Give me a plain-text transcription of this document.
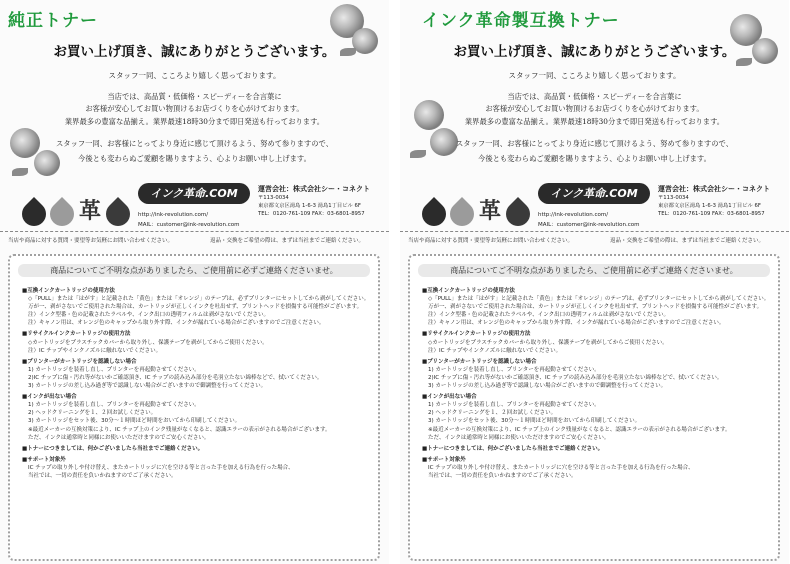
純正トナー
お買い上げ頂き、誠にありがとうございます。
スタッフ一同、こころより嬉しく思っております。
当店では、高品質・低価格・スピーディーを合言葉に
お客様が安心してお買い物頂けるお店づくりを心がけております。
業界最多の豊富な品揃え。業界最速18時30分まで即日発送も行っております。
スタッフ一同、お客様にとってより身近に感じて頂けるよう、努めて参りますので、
今後とも変わらぬご愛顧を賜りますよう、心よりお願い申し上げます。
インク革命.COM
革
運営会社：株式会社シー・コネクト
〒113-0034
東京都文京区湯島 1-6-3 湯島1丁目ビル 6F
TEL：0120-761-109 FAX：03-6801-8957
http://ink-revolution.com/
MAIL：customer@ink-revolution.com
当店や商品に対する質問・要望等お気軽にお問い合わせください。	返品・交換をご希望の際は、まずは当社までご連絡ください。
商品についてご不明な点がありましたら、ご使用前に必ずご連絡くださいませ。
■互換インクカートリッジの使用方法
◇「PULL」または「はがす」と記載された「黄色」または「オレンジ」のテープは、必ずプリンターにセットしてから剥がしてください。
万が一、剥がさないでご使用された場合は、カートリッジが正しくインクを吐出せず、プリントヘッドを損傷する可能性がございます。
注）インク型番・色の記載されたラベルや、インク出口の透明フィルムは剥がさないでください。
注）キャノン用は、オレンジ色のキャップから取り外す際、インクが漏れている場合がございますのでご注意ください。
■リサイクルインクカートリッジの使用方法
◇カートリッジをプラスチックカバーから取り外し、保護テープを剥がしてからご使用ください。
注）IC チップやインクノズルに触れないでください。
■プリンターがカートリッジを認識しない場合
1) カートリッジを装着し直し、プリンターを再起動させてください。
2)IC チップに傷・汚れ等がないかご確認頂き、IC チップの読み込み部分を毛羽立たない綿棒などで、拭いてください。
3) カートリッジの差し込み過ぎ等で認識しない場合がございますので御調整を行ってください。
■インクが出ない場合
1) カートリッジを装着し直し、プリンターを再起動させてください。
2) ヘッドクリーニングを１、２回お試しください。
3) カートリッジをセット後、30分〜１時間ほど時間をおいてから印刷してください。
※最近メーカーの互換対策により、IC チップ上のインク残量がなくなると、認識エラーの表示がされる場合がございます。
ただ、インクは通常時と同様にお使いいただけますのでご安心ください。
■トナーにつきましては、何かございましたら当社までご連絡ください。
■サポート対象外
IC チップの取り外しや付け替え、またカートリッジに穴を空ける等と言った手を加える行為を行った場合、
当社では、一切の責任を負いかねますのでご了承ください。
インク革命製互換トナー
お買い上げ頂き、誠にありがとうございます。
スタッフ一同、こころより嬉しく思っております。
当店では、高品質・低価格・スピーディーを合言葉に
お客様が安心してお買い物頂けるお店づくりを心がけております。
業界最多の豊富な品揃え。業界最速18時30分まで即日発送も行っております。
スタッフ一同、お客様にとってより身近に感じて頂けるよう、努めて参りますので、
今後とも変わらぬご愛顧を賜りますよう、心よりお願い申し上げます。
インク革命.COM
革
運営会社：株式会社シー・コネクト
〒113-0034
東京都文京区湯島 1-6-3 湯島1丁目ビル 6F
TEL：0120-761-109 FAX：03-6801-8957
http://ink-revolution.com/
MAIL：customer@ink-revolution.com
当店や商品に対する質問・要望等お気軽にお問い合わせください。	返品・交換をご希望の際は、まずは当社までご連絡ください。
商品についてご不明な点がありましたら、ご使用前に必ずご連絡くださいませ。
■互換インクカートリッジの使用方法
◇「PULL」または「はがす」と記載された「黄色」または「オレンジ」のテープは、必ずプリンターにセットしてから剥がしてください。
万が一、剥がさないでご使用された場合は、カートリッジが正しくインクを吐出せず、プリントヘッドを損傷する可能性がございます。
注）インク型番・色の記載されたラベルや、インク出口の透明フィルムは剥がさないでください。
注）キャノン用は、オレンジ色のキャップから取り外す際、インクが漏れている場合がございますのでご注意ください。
■リサイクルインクカートリッジの使用方法
◇カートリッジをプラスチックカバーから取り外し、保護テープを剥がしてからご使用ください。
注）IC チップやインクノズルに触れないでください。
■プリンターがカートリッジを認識しない場合
1) カートリッジを装着し直し、プリンターを再起動させてください。
2)IC チップに傷・汚れ等がないかご確認頂き、IC チップの読み込み部分を毛羽立たない綿棒などで、拭いてください。
3) カートリッジの差し込み過ぎ等で認識しない場合がございますので御調整を行ってください。
■インクが出ない場合
1) カートリッジを装着し直し、プリンターを再起動させてください。
2) ヘッドクリーニングを１、２回お試しください。
3) カートリッジをセット後、30分〜１時間ほど時間をおいてから印刷してください。
※最近メーカーの互換対策により、IC チップ上のインク残量がなくなると、認識エラーの表示がされる場合がございます。
ただ、インクは通常時と同様にお使いいただけますのでご安心ください。
■トナーにつきましては、何かございましたら当社までご連絡ください。
■サポート対象外
IC チップの取り外しや付け替え、またカートリッジに穴を空ける等と言った手を加える行為を行った場合、
当社では、一切の責任を負いかねますのでご了承ください。
